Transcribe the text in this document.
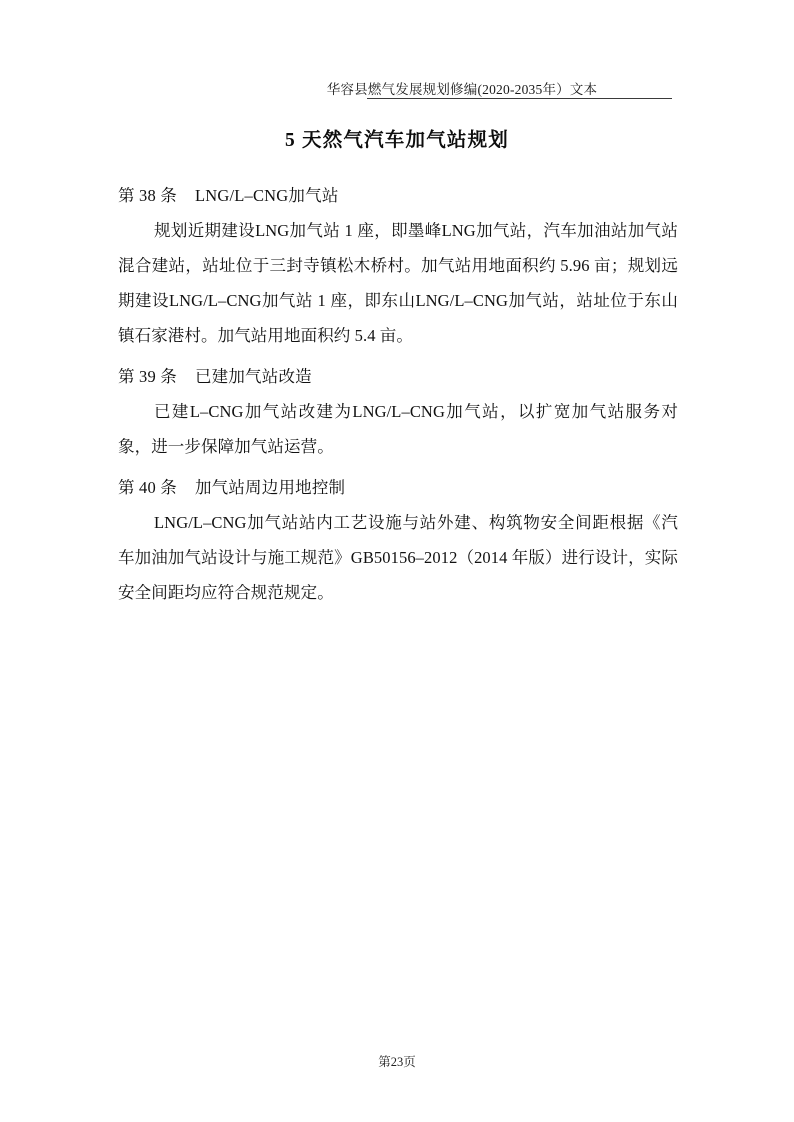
华容县燃气发展规划修编(2020-2035年）文本
5 天然气汽车加气站规划
第 38 条 LNG/L–CNG加气站

规划近期建设LNG加气站 1 座，即墨峰LNG加气站，汽车加油站加气站混合建站，站址位于三封寺镇松木桥村。加气站用地面积约 5.96 亩；规划远期建设LNG/L–CNG加气站 1 座，即东山LNG/L–CNG加气站，站址位于东山镇石家港村。加气站用地面积约 5.4 亩。

第 39 条 已建加气站改造

已建L–CNG加气站改建为LNG/L–CNG加气站，以扩宽加气站服务对象，进一步保障加气站运营。

第 40 条 加气站周边用地控制

LNG/L–CNG加气站站内工艺设施与站外建、构筑物安全间距根据《汽车加油加气站设计与施工规范》GB50156–2012（2014 年版）进行设计，实际安全间距均应符合规范规定。

第23页
